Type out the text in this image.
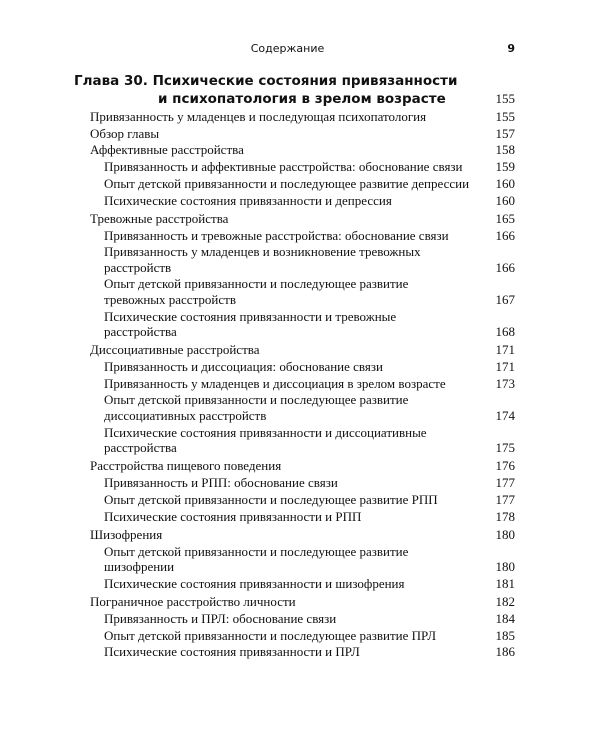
Содержание	9
Глава 30. Психические состояния привязанности
и психопатология в зрелом возрасте	155
Привязанность у младенцев и последующая психопатология	155
Обзор главы	157
Аффективные расстройства	158
Привязанность и аффективные расстройства: обоснование связи	159
Опыт детской привязанности и последующее развитие депрессии 160
Психические состояния привязанности и депрессия	160
Тревожные расстройства	165
Привязанность и тревожные расстройства: обоснование связи	166
Привязанность у младенцев и возникновение тревожных расстройств	166
Опыт детской привязанности и последующее развитие тревожных расстройств	167
Психические состояния привязанности и тревожные расстройства	168
Диссоциативные расстройства	171
Привязанность и диссоциация: обоснование связи	171
Привязанность у младенцев и диссоциация в зрелом возрасте	173
Опыт детской привязанности и последующее развитие диссоциативных расстройств	174
Психические состояния привязанности и диссоциативные расстройства	175
Расстройства пищевого поведения	176
Привязанность и РПП: обоснование связи	177
Опыт детской привязанности и последующее развитие РПП	177
Психические состояния привязанности и РПП	178
Шизофрения	180
Опыт детской привязанности и последующее развитие шизофрении	180
Психические состояния привязанности и шизофрения	181
Пограничное расстройство личности	182
Привязанность и ПРЛ: обоснование связи	184
Опыт детской привязанности и последующее развитие ПРЛ	185
Психические состояния привязанности и ПРЛ	186
